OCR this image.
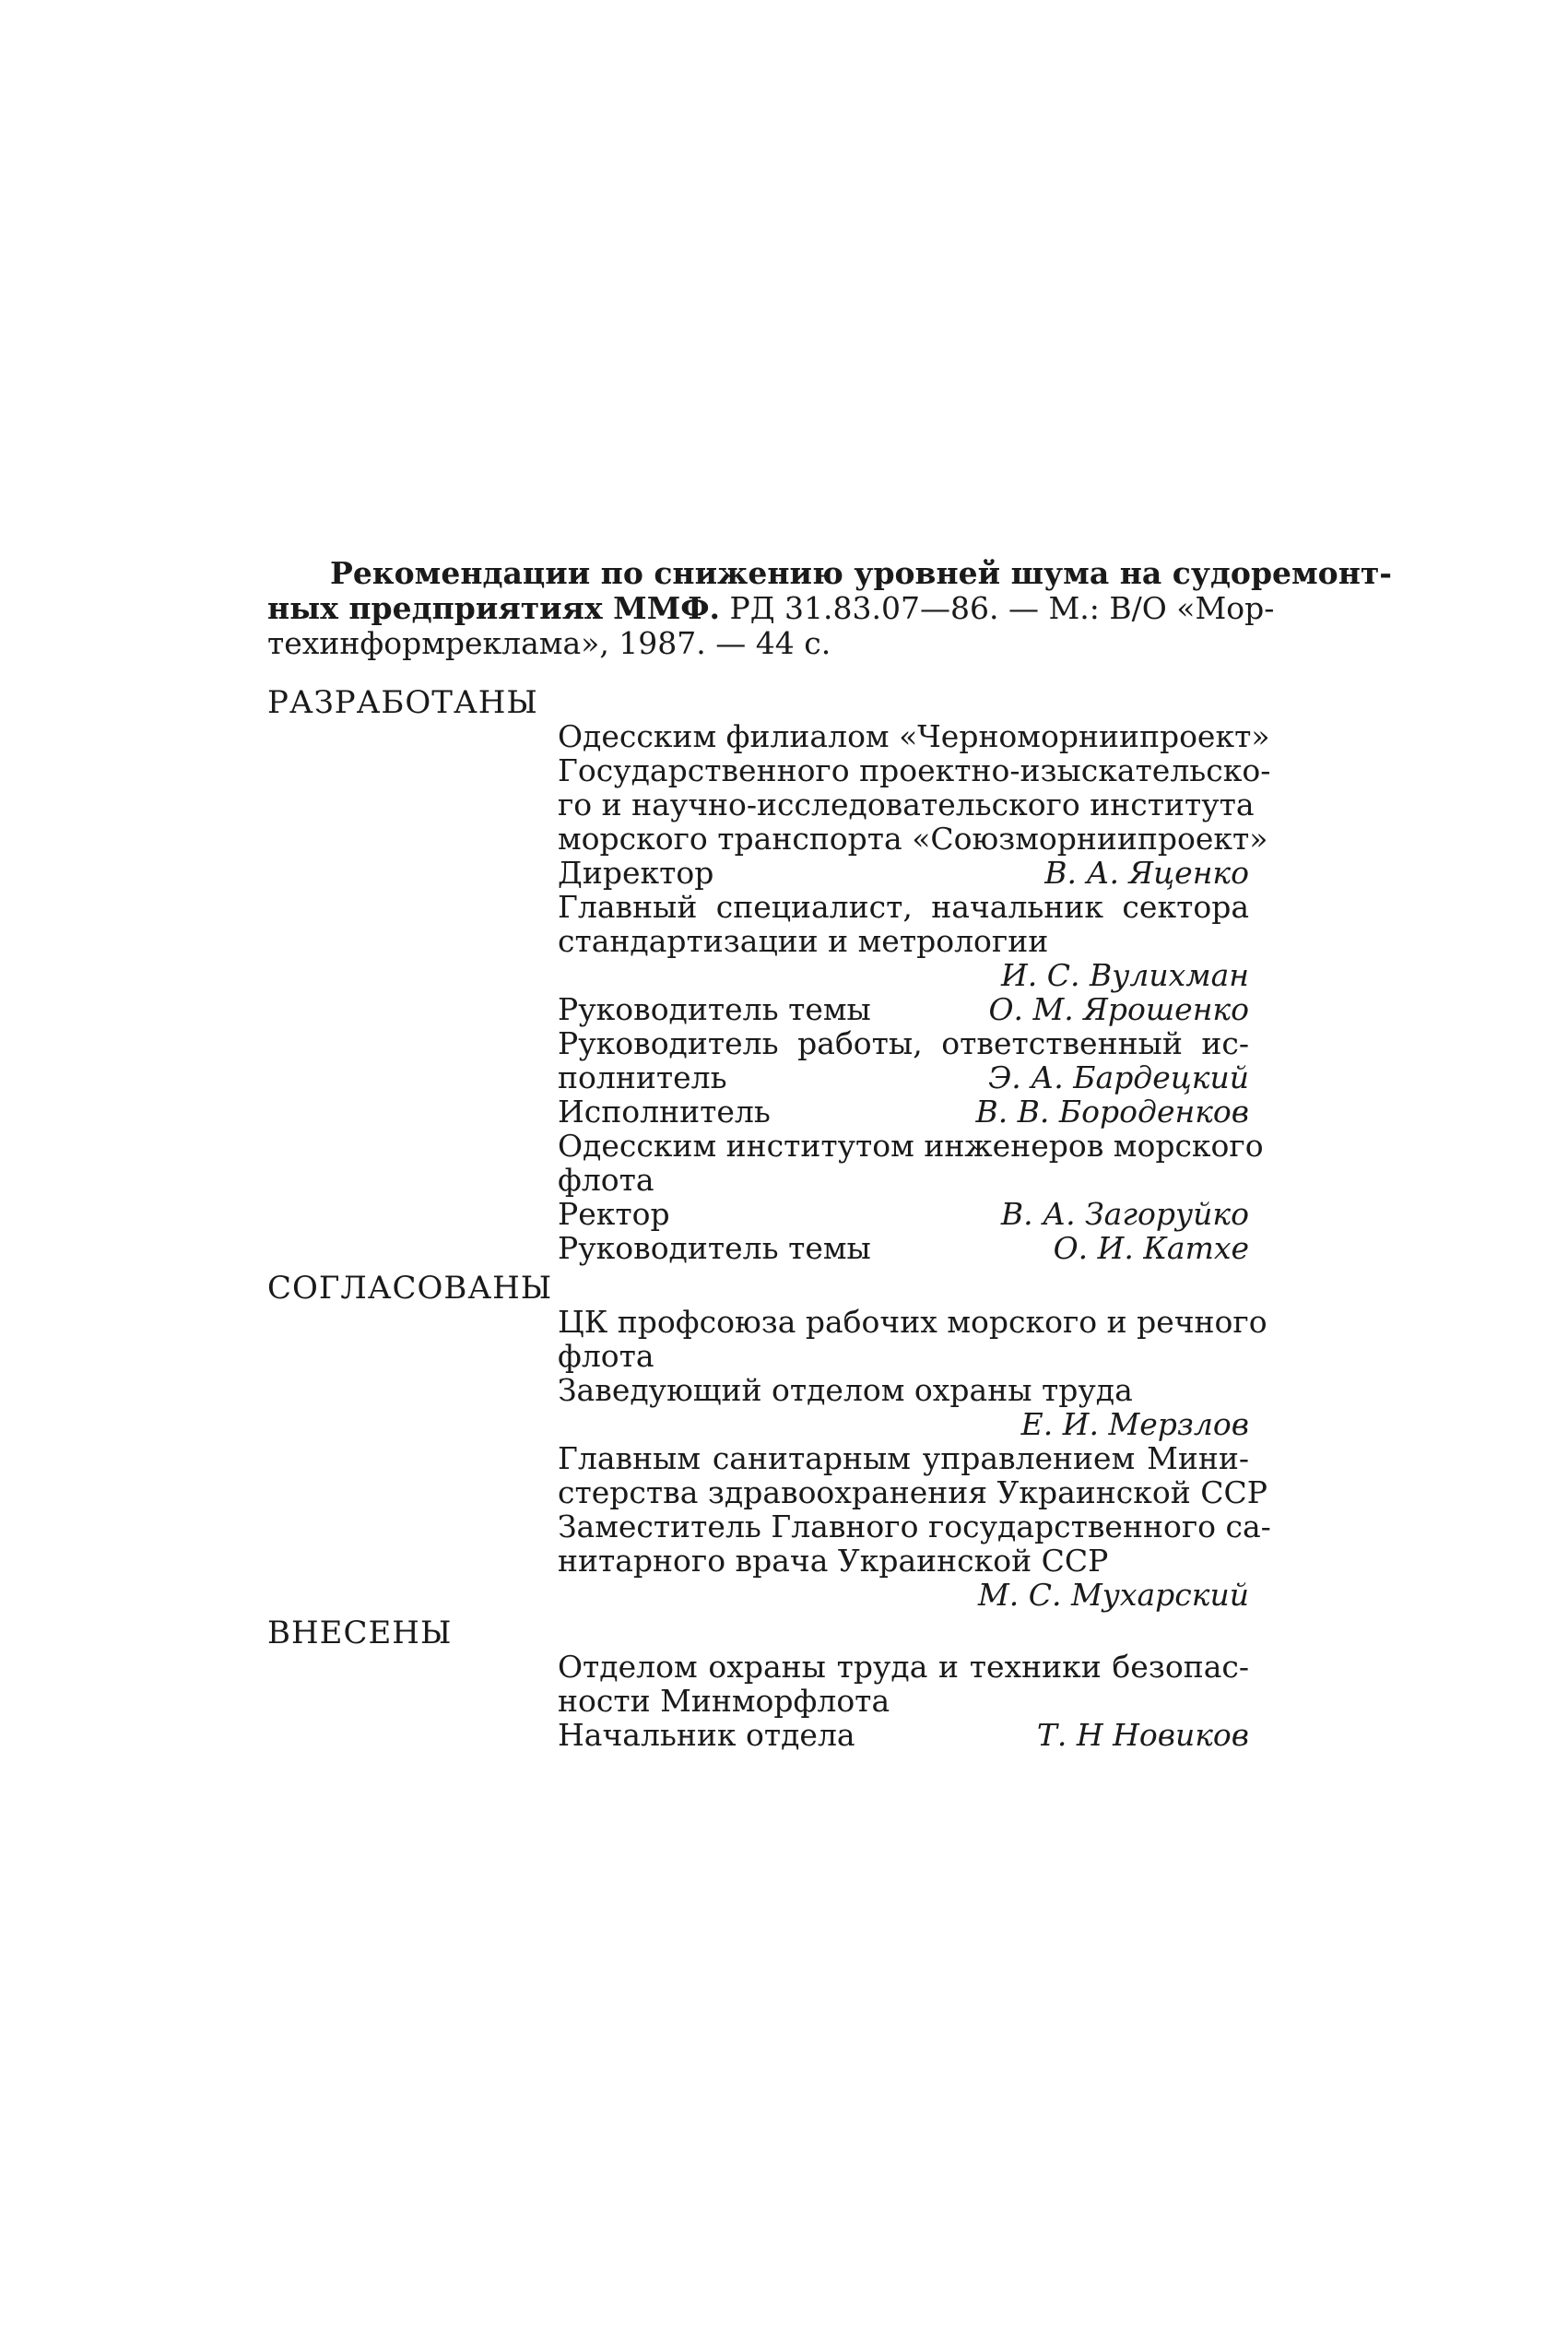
Рекомендации по снижению уровней шума на судоремонт-
ных предприятиях ММФ. РД 31.83.07—86. — М.: В/О «Мор-
техинформреклама», 1987. — 44 с.
РАЗРАБОТАНЫ
Одесским филиалом «Черноморниипроект»
Государственного проектно-изыскательско-
го и научно-исследовательского института
морского транспорта «Союзморниипроект»
Директор	В. А. Яценко
Главный специалист, начальник сектора
стандартизации и метрологии
И. С. Вулихман
Руководитель темы	О. М. Ярошенко
Руководитель работы, ответственный ис-
полнитель	Э. А. Бардецкий
Исполнитель	В. В. Бороденков
Одесским институтом инженеров морского
флота
Ректор	В. А. Загоруйко
Руководитель темы	О. И. Катхе
СОГЛАСОВАНЫ
ЦК профсоюза рабочих морского и речного
флота
Заведующий отделом охраны труда
Е. И. Мерзлов
Главным санитарным управлением Мини-
стерства здравоохранения Украинской ССР
Заместитель Главного государственного са-
нитарного врача Украинской ССР
М. С. Мухарский
ВНЕСЕНЫ
Отделом охраны труда и техники безопас-
ности Минморфлота
Начальник отдела	Т. Н Новиков
